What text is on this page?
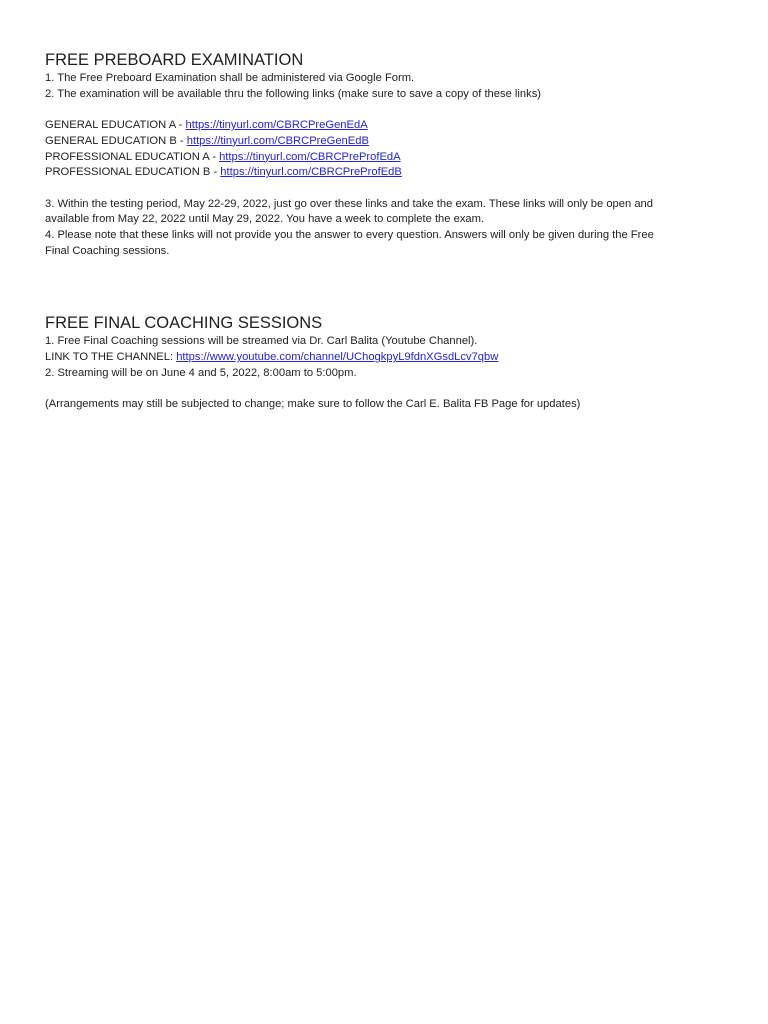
FREE PREBOARD EXAMINATION

1. The Free Preboard Examination shall be administered via Google Form.

2. The examination will be available thru the following links (make sure to save a copy of these links)

GENERAL EDUCATION A - https://tinyurl.com/CBRCPreGenEdA

GENERAL EDUCATION B - https://tinyurl.com/CBRCPreGenEdB

PROFESSIONAL EDUCATION A - https://tinyurl.com/CBRCPreProfEdA

PROFESSIONAL EDUCATION B - https://tinyurl.com/CBRCPreProfEdB

3. Within the testing period, May 22-29, 2022, just go over these links and take the exam. These links will only be open and

available from May 22, 2022 until May 29, 2022. You have a week to complete the exam.

4. Please note that these links will not provide you the answer to every question. Answers will only be given during the Free

Final Coaching sessions.

FREE FINAL COACHING SESSIONS

1. Free Final Coaching sessions will be streamed via Dr. Carl Balita (Youtube Channel).

LINK TO THE CHANNEL: https://www.youtube.com/channel/UChogkpyL9fdnXGsdLcv7qbw

2. Streaming will be on June 4 and 5, 2022, 8:00am to 5:00pm.

(Arrangements may still be subjected to change; make sure to follow the Carl E. Balita FB Page for updates)
